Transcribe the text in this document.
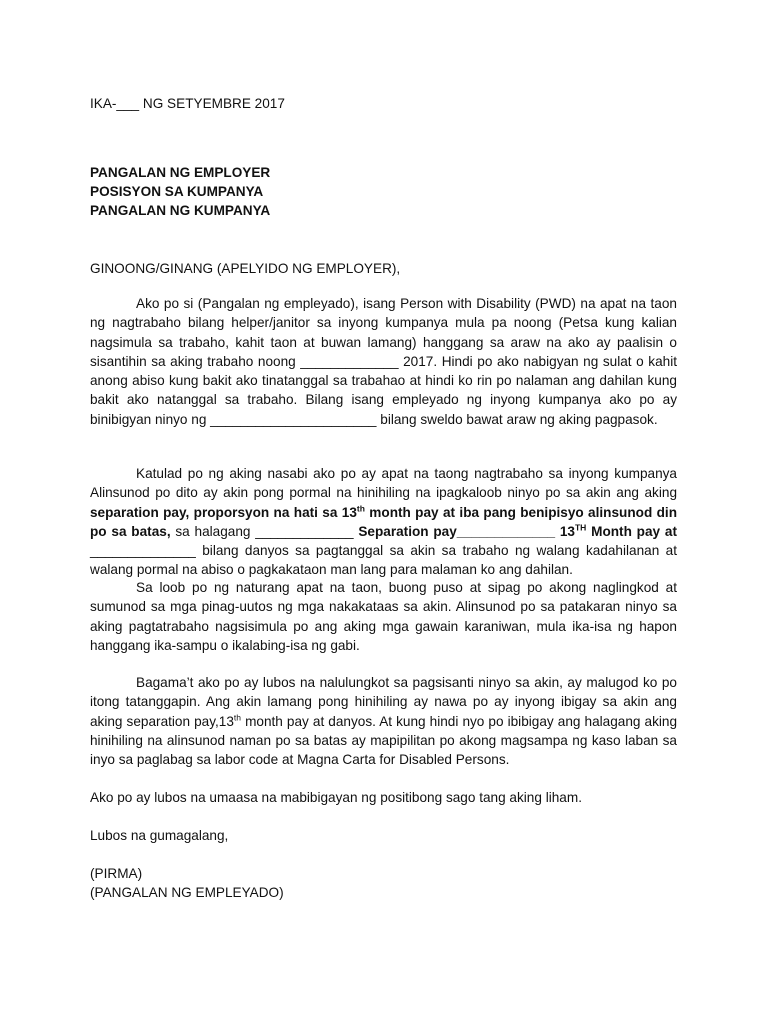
IKA-___ NG SETYEMBRE 2017
PANGALAN NG EMPLOYER
POSISYON SA KUMPANYA
PANGALAN NG KUMPANYA
GINOONG/GINANG (APELYIDO NG EMPLOYER),
Ako po si (Pangalan ng empleyado), isang Person with Disability (PWD) na apat na taon ng nagtrabaho bilang helper/janitor sa inyong kumpanya mula pa noong (Petsa kung kalian nagsimula sa trabaho, kahit taon at buwan lamang) hanggang sa araw na ako ay paalisin o sisantihin sa aking trabaho noong _____________ 2017. Hindi po ako nabigyan ng sulat o kahit anong abiso kung bakit ako tinatanggal sa trabahao at hindi ko rin po nalaman ang dahilan kung bakit ako natanggal sa trabaho. Bilang isang empleyado ng inyong kumpanya ako po ay binibigyan ninyo ng ______________________ bilang sweldo bawat araw ng aking pagpasok.
Katulad po ng aking nasabi ako po ay apat na taong nagtrabaho sa inyong kumpanya Alinsunod po dito ay akin pong pormal na hinihiling na ipagkaloob ninyo po sa akin ang aking separation pay, proporsyon na hati sa 13th month pay at iba pang benipisyo alinsunod din po sa batas, sa halagang _____________ Separation pay_____________ 13TH Month pay at ______________ bilang danyos sa pagtanggal sa akin sa trabaho ng walang kadahilanan at walang pormal na abiso o pagkakataon man lang para malaman ko ang dahilan.
Sa loob po ng naturang apat na taon, buong puso at sipag po akong naglingkod at sumunod sa mga pinag-uutos ng mga nakakataas sa akin. Alinsunod po sa patakaran ninyo sa aking pagtatrabaho nagsisimula po ang aking mga gawain karaniwan, mula ika-isa ng hapon hanggang ika-sampu o ikalabing-isa ng gabi.
Bagama’t ako po ay lubos na nalulungkot sa pagsisanti ninyo sa akin, ay malugod ko po itong tatanggapin. Ang akin lamang pong hinihiling ay nawa po ay inyong ibigay sa akin ang aking separation pay,13th month pay at danyos. At kung hindi nyo po ibibigay ang halagang aking hinihiling na alinsunod naman po sa batas ay mapipilitan po akong magsampa ng kaso laban sa inyo sa paglabag sa labor code at Magna Carta for Disabled Persons.
Ako po ay lubos na umaasa na mabibigayan ng positibong sago tang aking liham.
Lubos na gumagalang,
(PIRMA)
(PANGALAN NG EMPLEYADO)
